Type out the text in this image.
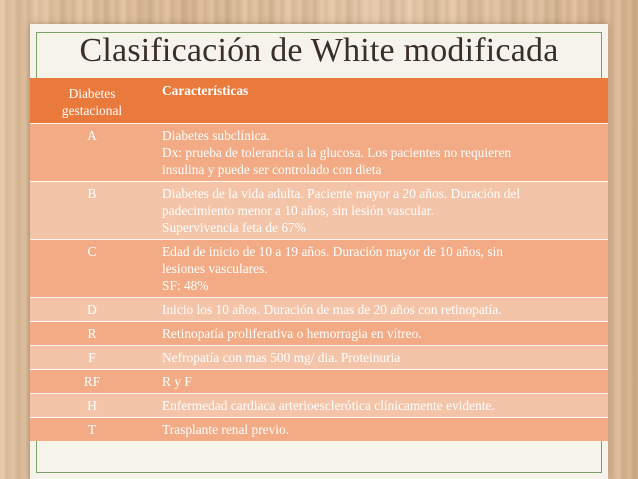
Clasificación de White modificada
Diabetes
gestacional	Características
A	Diabetes subclínica.
Dx: prueba de tolerancia a la glucosa. Los pacientes no requieren
insulina y puede ser controlado con dieta

B	Diabetes de la vida adulta. Paciente mayor a 20 años. Duración del
padecimiento menor a 10 años, sin lesión vascular.
Supervivencia feta de 67%

C	Edad de inicio de 10 a 19 años. Duración mayor de 10 años, sin
lesiones vasculares.
SF: 48%

D	Inicio los 10 años. Duración de mas de 20 años con retinopatía.

R	Retinopatía proliferativa o hemorragia en vítreo.

F	Nefropatía con mas 500 mg/ dia. Proteinuria

RF	R y F

H	Enfermedad cardiaca arterioesclerótica clínicamente evidente.

T	Trasplante renal previo.
